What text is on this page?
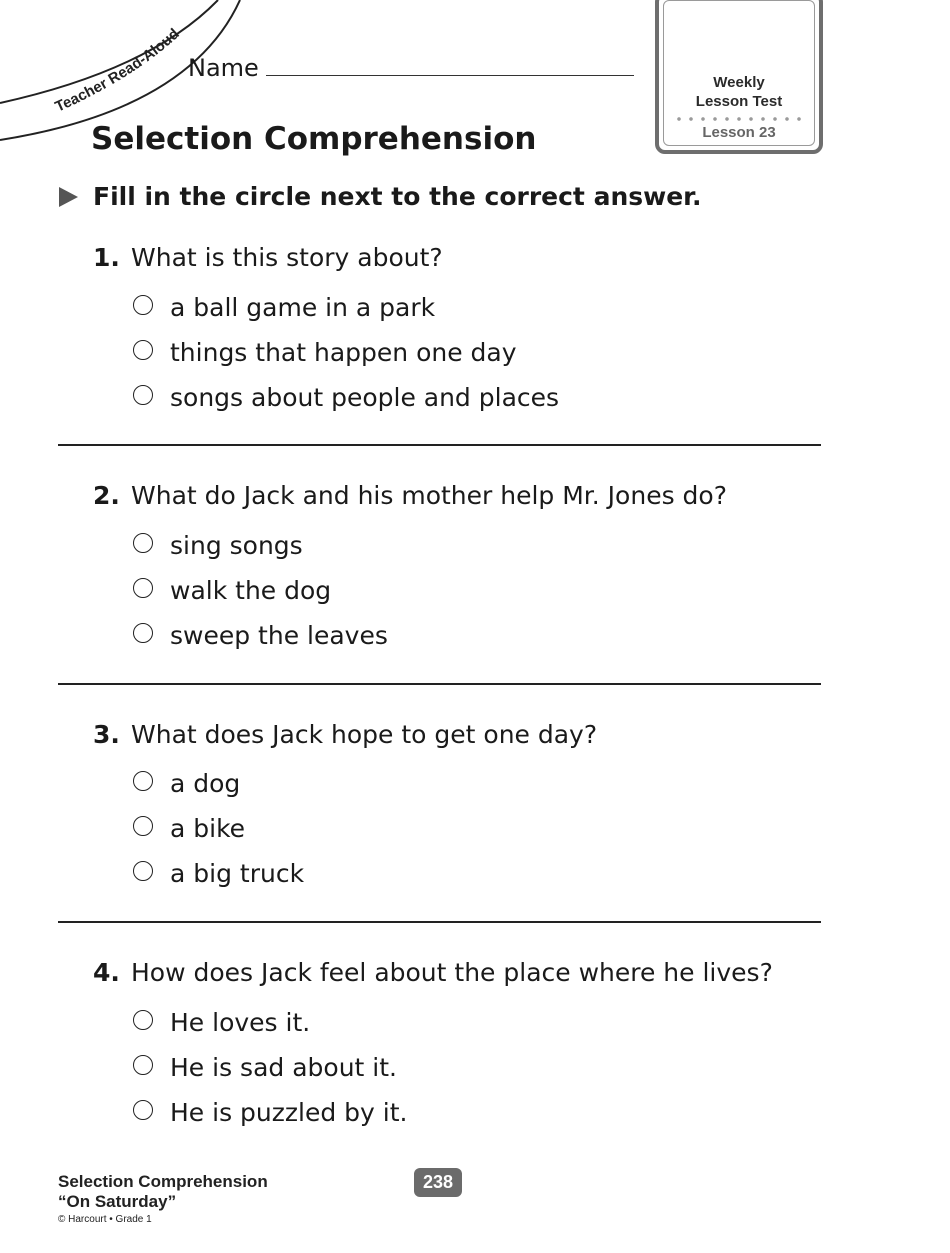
Teacher Read-Aloud
Name
Weekly
Lesson Test
Lesson 23
Selection Comprehension
Fill in the circle next to the correct answer.
1. What is this story about?
a ball game in a park
things that happen one day
songs about people and places
2. What do Jack and his mother help Mr. Jones do?
sing songs
walk the dog
sweep the leaves
3. What does Jack hope to get one day?
a dog
a bike
a big truck
4. How does Jack feel about the place where he lives?
He loves it.
He is sad about it.
He is puzzled by it.
Selection Comprehension
“On Saturday”
© Harcourt • Grade 1
238
